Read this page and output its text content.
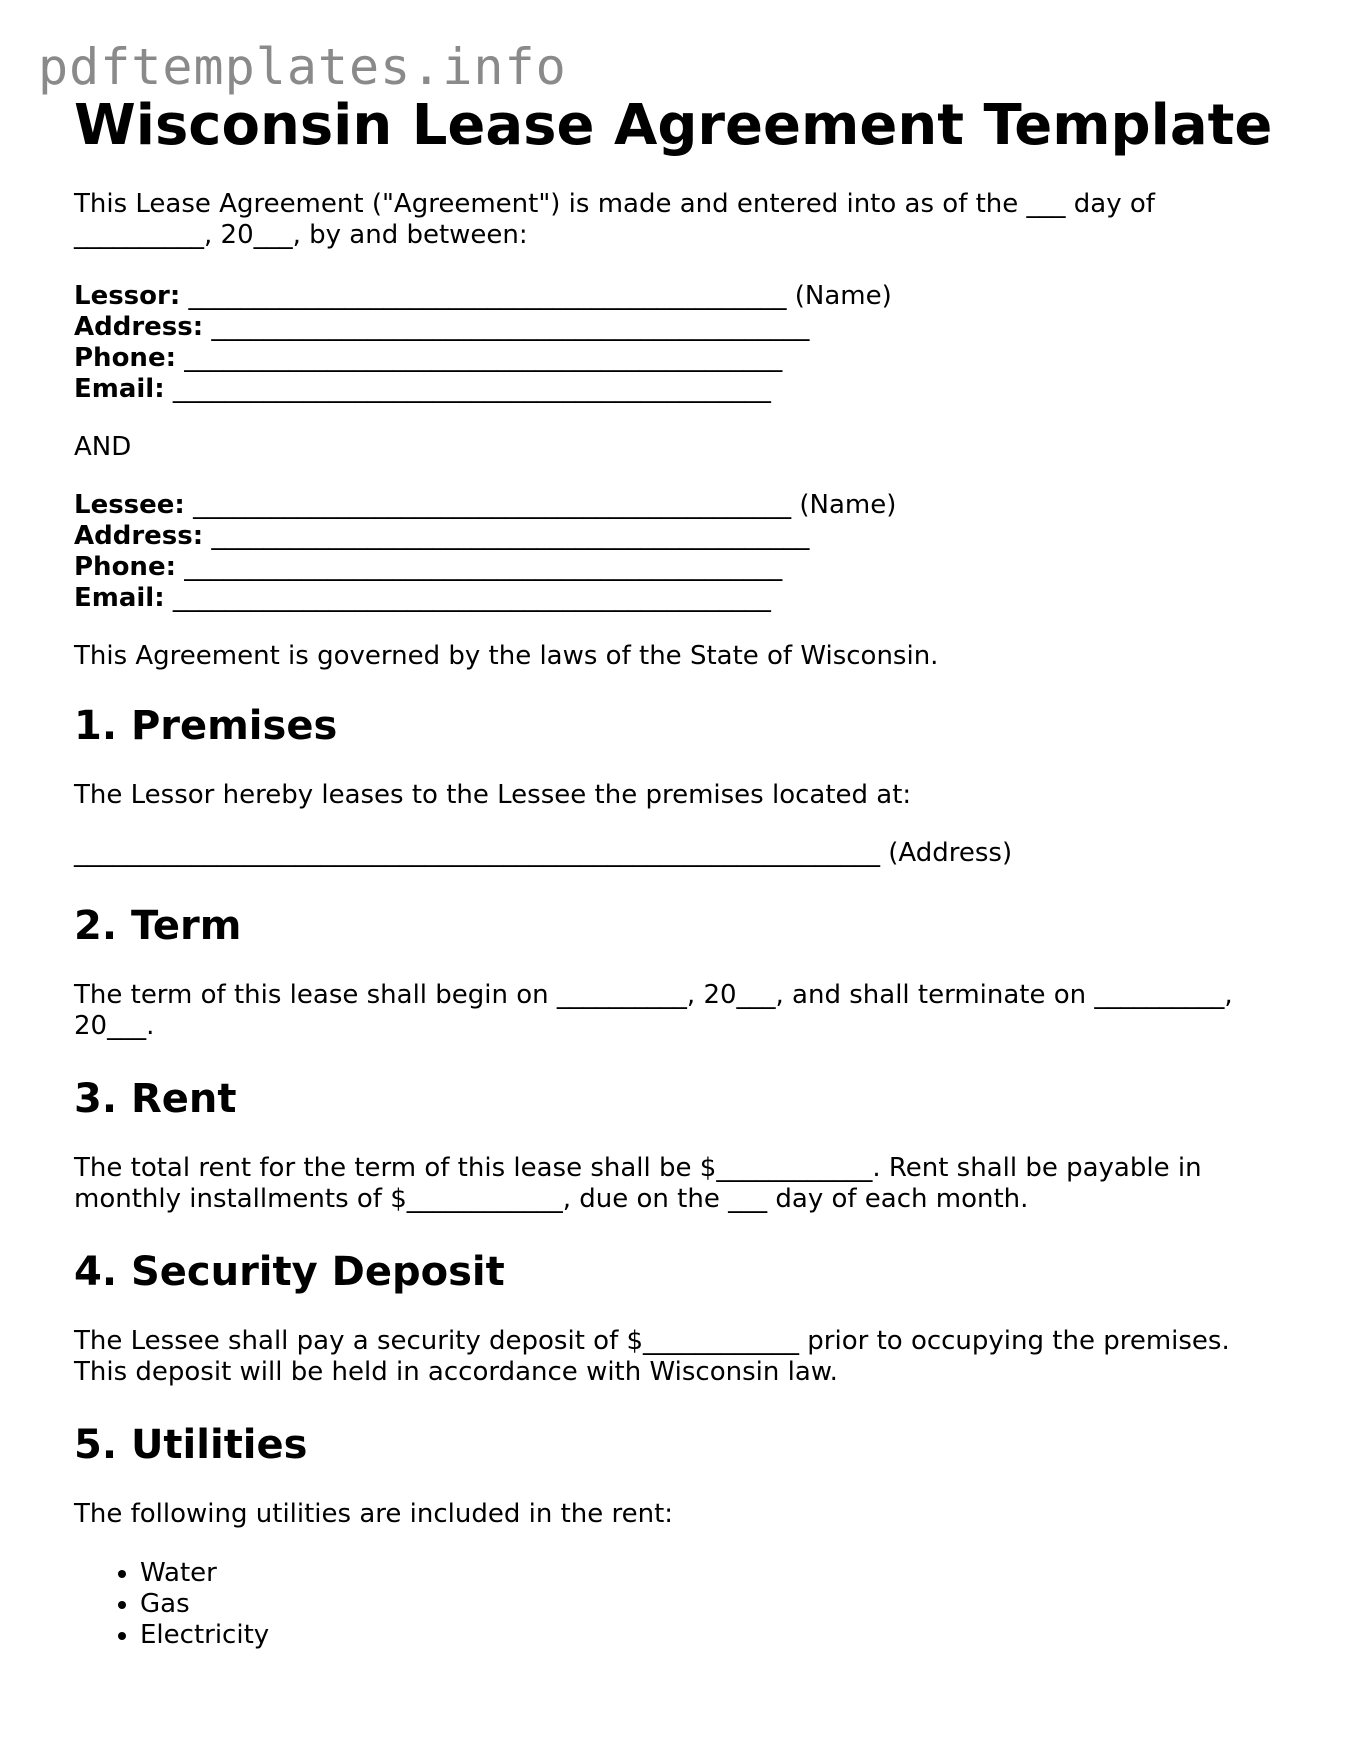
pdftemplates.info
Wisconsin Lease Agreement Template

This Lease Agreement ("Agreement") is made and entered into as of the ___ day of __________, 20___, by and between:

Lessor: ______________________________________________ (Name)
Address: ______________________________________________
Phone: ______________________________________________
Email: ______________________________________________

AND

Lessee: ______________________________________________ (Name)
Address: ______________________________________________
Phone: ______________________________________________
Email: ______________________________________________

This Agreement is governed by the laws of the State of Wisconsin.

1. Premises

The Lessor hereby leases to the Lessee the premises located at:

______________________________________________________________ (Address)

2. Term

The term of this lease shall begin on __________, 20___, and shall terminate on __________, 20___.

3. Rent

The total rent for the term of this lease shall be $____________. Rent shall be payable in monthly installments of $____________, due on the ___ day of each month.

4. Security Deposit

The Lessee shall pay a security deposit of $____________ prior to occupying the premises. This deposit will be held in accordance with Wisconsin law.

5. Utilities

The following utilities are included in the rent:

• Water
• Gas
• Electricity
